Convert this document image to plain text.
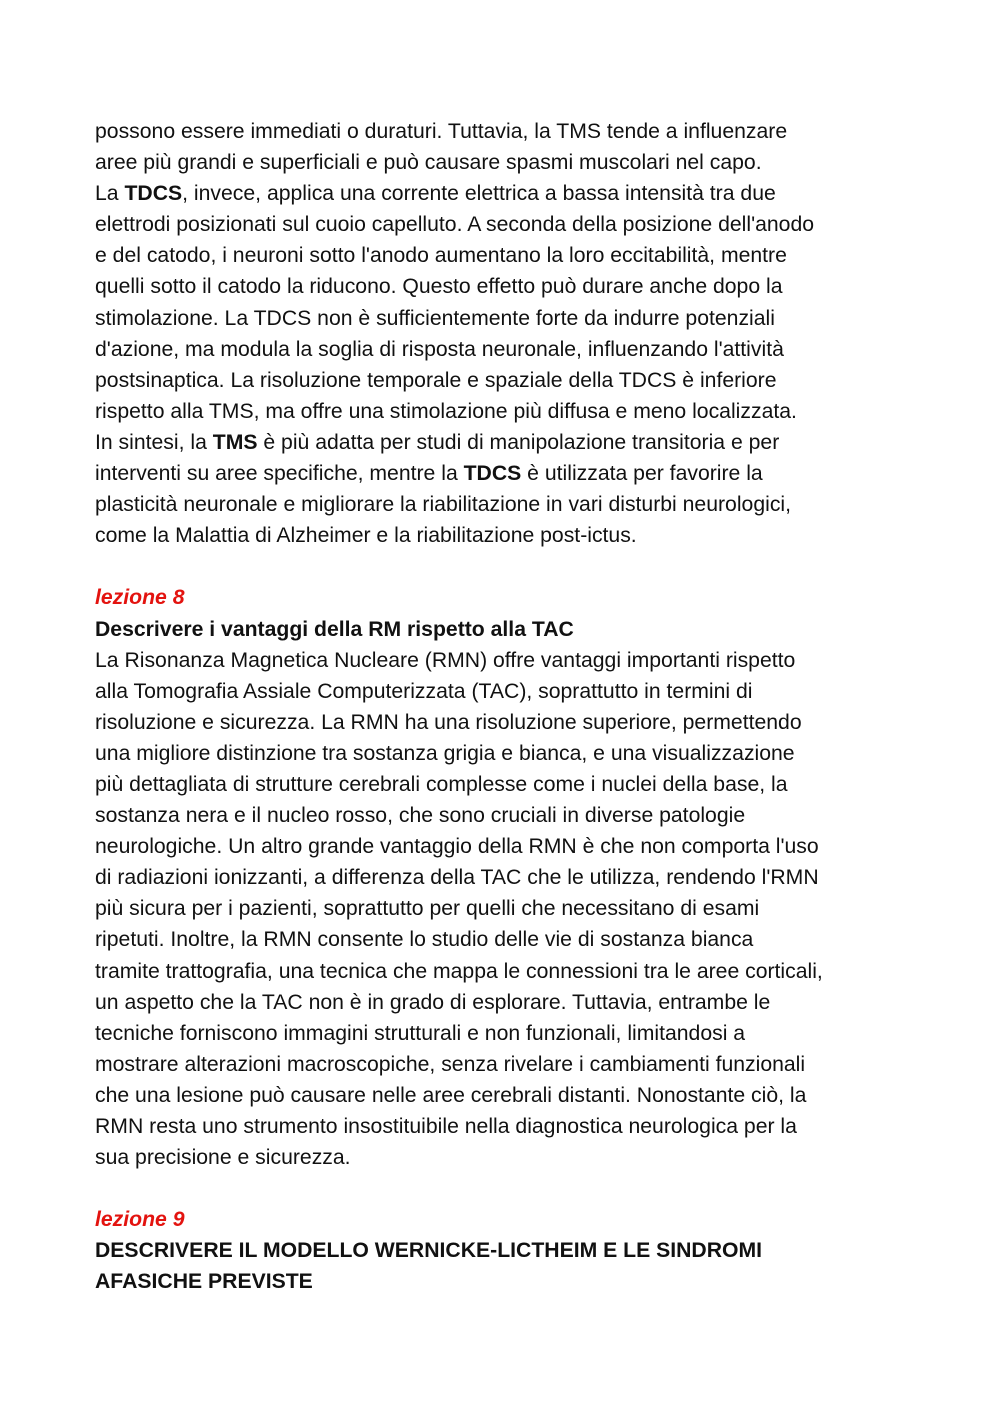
possono essere immediati o duraturi. Tuttavia, la TMS tende a influenzare
aree più grandi e superficiali e può causare spasmi muscolari nel capo.
La TDCS, invece, applica una corrente elettrica a bassa intensità tra due
elettrodi posizionati sul cuoio capelluto. A seconda della posizione dell'anodo
e del catodo, i neuroni sotto l'anodo aumentano la loro eccitabilità, mentre
quelli sotto il catodo la riducono. Questo effetto può durare anche dopo la
stimolazione. La TDCS non è sufficientemente forte da indurre potenziali
d'azione, ma modula la soglia di risposta neuronale, influenzando l'attività
postsinaptica. La risoluzione temporale e spaziale della TDCS è inferiore
rispetto alla TMS, ma offre una stimolazione più diffusa e meno localizzata.
In sintesi, la TMS è più adatta per studi di manipolazione transitoria e per
interventi su aree specifiche, mentre la TDCS è utilizzata per favorire la
plasticità neuronale e migliorare la riabilitazione in vari disturbi neurologici,
come la Malattia di Alzheimer e la riabilitazione post-ictus.
lezione 8
Descrivere i vantaggi della RM rispetto alla TAC
La Risonanza Magnetica Nucleare (RMN) offre vantaggi importanti rispetto
alla Tomografia Assiale Computerizzata (TAC), soprattutto in termini di
risoluzione e sicurezza. La RMN ha una risoluzione superiore, permettendo
una migliore distinzione tra sostanza grigia e bianca, e una visualizzazione
più dettagliata di strutture cerebrali complesse come i nuclei della base, la
sostanza nera e il nucleo rosso, che sono cruciali in diverse patologie
neurologiche. Un altro grande vantaggio della RMN è che non comporta l'uso
di radiazioni ionizzanti, a differenza della TAC che le utilizza, rendendo l'RMN
più sicura per i pazienti, soprattutto per quelli che necessitano di esami
ripetuti. Inoltre, la RMN consente lo studio delle vie di sostanza bianca
tramite trattografia, una tecnica che mappa le connessioni tra le aree corticali,
un aspetto che la TAC non è in grado di esplorare. Tuttavia, entrambe le
tecniche forniscono immagini strutturali e non funzionali, limitandosi a
mostrare alterazioni macroscopiche, senza rivelare i cambiamenti funzionali
che una lesione può causare nelle aree cerebrali distanti. Nonostante ciò, la
RMN resta uno strumento insostituibile nella diagnostica neurologica per la
sua precisione e sicurezza.
lezione 9
DESCRIVERE IL MODELLO WERNICKE-LICTHEIM E LE SINDROMI
AFASICHE PREVISTE
